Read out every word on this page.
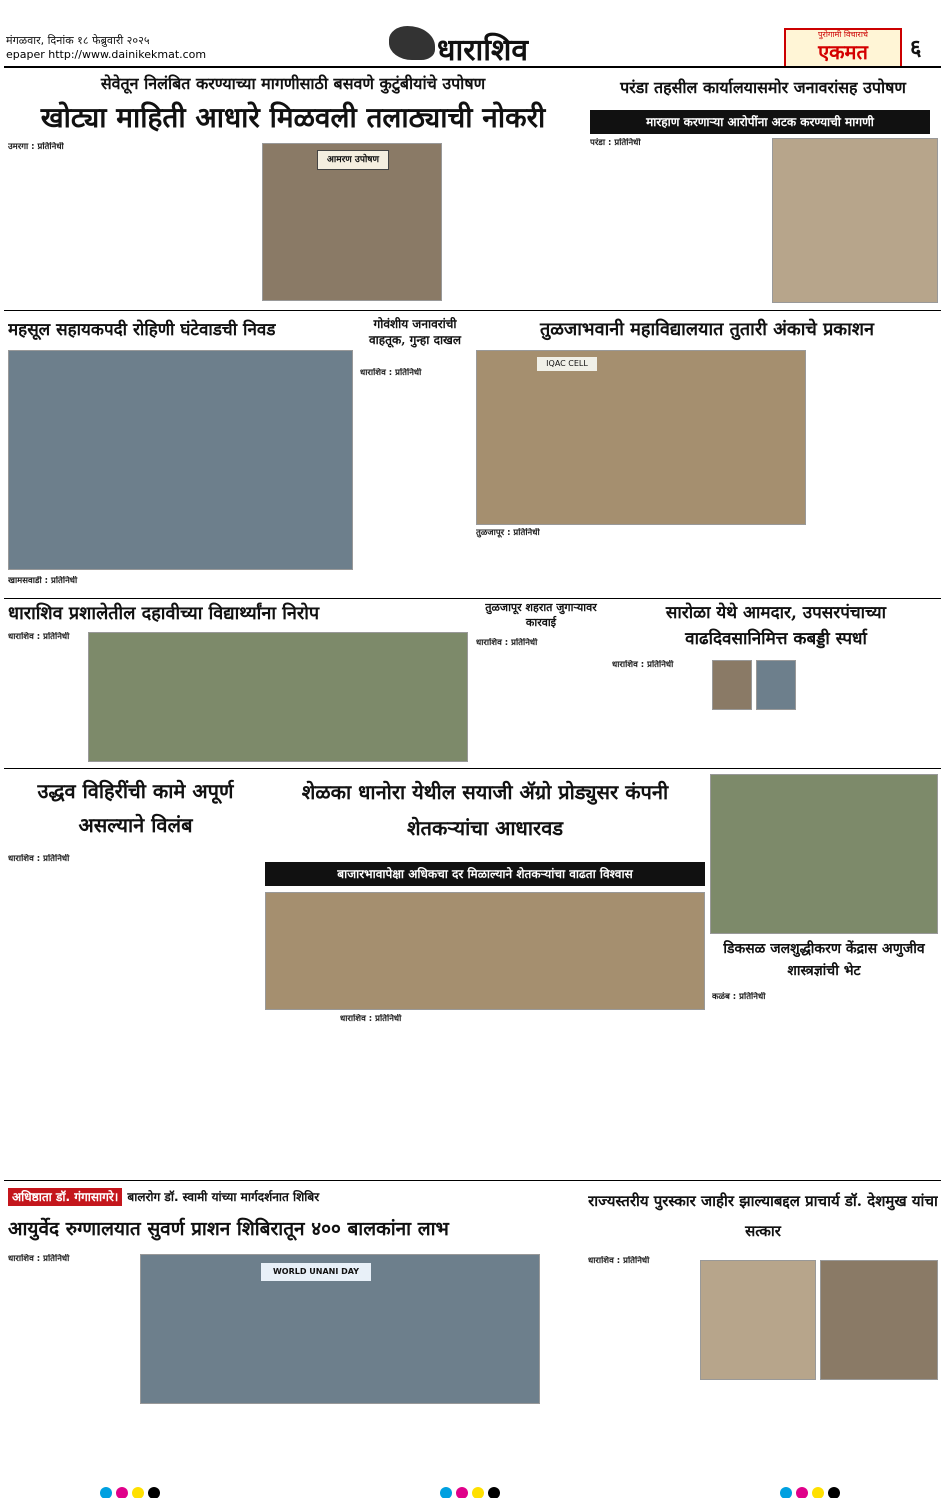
मंगळवार, दिनांक १८ फेब्रुवारी २०२५
epaper http://www.dainikekmat.com	धाराशिव	पुरोगामी विचाराचे
एकमत	६
सेवेतून निलंबित करण्याच्या मागणीसाठी बसवणे कुटुंबीयांचे उपोषण
खोट्या माहिती आधारे मिळवली तलाठ्याची नोकरी
उमरगा : प्रतिनिधी
आमरण उपोषण
परंडा तहसील कार्यालयासमोर जनावरांसह उपोषण
मारहाण करणाऱ्या आरोपींना अटक करण्याची मागणी
परंडा : प्रतिनिधी
महसूल सहायकपदी रोहिणी घंटेवाडची निवड
खामसवाडी : प्रतिनिधी
गोवंशीय जनावरांची वाहतूक, गुन्हा दाखल
धाराशिव : प्रतिनिधी
तुळजाभवानी महाविद्यालयात तुतारी अंकाचे प्रकाशन
IQAC CELL
तुळजापूर : प्रतिनिधी
धाराशिव प्रशालेतील दहावीच्या विद्यार्थ्यांना निरोप
धाराशिव : प्रतिनिधी
तुळजापूर शहरात जुगाऱ्यावर कारवाई
धाराशिव : प्रतिनिधी
सारोळा येथे आमदार, उपसरपंचाच्या वाढदिवसानिमित्त कबड्डी स्पर्धा
धाराशिव : प्रतिनिधी
उद्धव विहिरींची कामे अपूर्ण असल्याने विलंब
धाराशिव : प्रतिनिधी
शेळका धानोरा येथील सयाजी ॲग्रो प्रोड्युसर कंपनी शेतकऱ्यांचा आधारवड
बाजारभावापेक्षा अधिकचा दर मिळाल्याने शेतकऱ्यांचा वाढता विश्वास
धाराशिव : प्रतिनिधी
डिकसळ जलशुद्धीकरण केंद्रास अणुजीव शास्त्रज्ञांची भेट
कळंब : प्रतिनिधी
अधिष्ठाता डॉ. गंगासागरे। बालरोग डॉ. स्वामी यांच्या मार्गदर्शनात शिबिर
आयुर्वेद रुग्णालयात सुवर्ण प्राशन शिबिरातून ४०० बालकांना लाभ
धाराशिव : प्रतिनिधी
WORLD UNANI DAY
राज्यस्तरीय पुरस्कार जाहीर झाल्याबद्दल प्राचार्य डॉ. देशमुख यांचा सत्कार
धाराशिव : प्रतिनिधी
